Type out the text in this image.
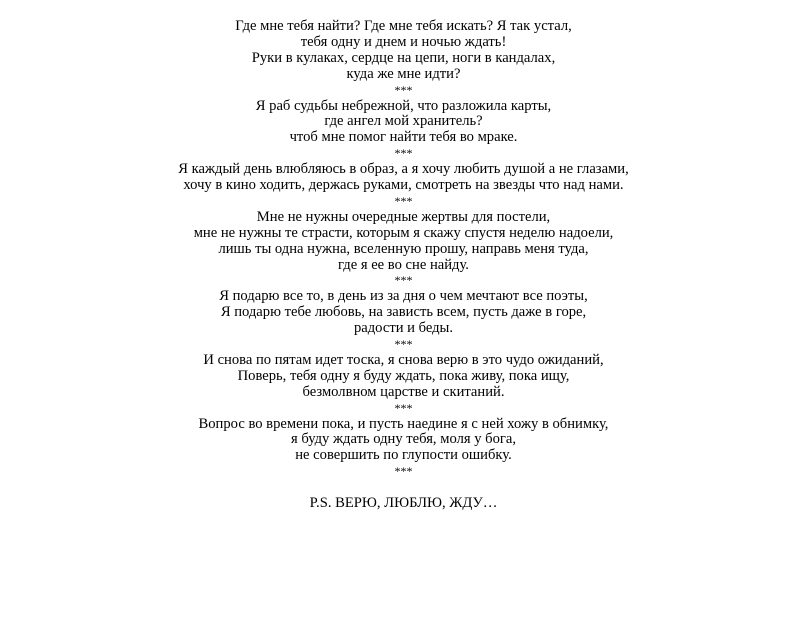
Где мне тебя найти? Где мне тебя искать? Я так устал,
тебя одну и днем и ночью ждать!
Руки в кулаках, сердце на цепи, ноги в кандалах,
куда же мне идти?
***
Я раб судьбы небрежной, что разложила карты,
где ангел мой хранитель?
чтоб мне помог найти тебя во мраке.
***
Я каждый день влюбляюсь в образ, а я хочу любить душой а не глазами,
хочу в кино ходить, держась руками, смотреть на звезды что над нами.
***
Мне не нужны очередные жертвы для постели,
мне не нужны те страсти, которым я скажу спустя неделю надоели,
лишь ты одна нужна, вселенную прошу, направь меня туда,
где я ее во сне найду.
***
Я подарю все то, в день из за дня о чем мечтают все поэты,
Я подарю тебе любовь, на зависть всем, пусть даже в горе,
радости и беды.
***
И снова по пятам идет тоска, я снова верю в это чудо ожиданий,
Поверь, тебя одну я буду ждать, пока живу, пока ищу,
безмолвном царстве и скитаний.
***
Вопрос во времени пока, и пусть наедине я с ней хожу в обнимку,
я буду ждать одну тебя, моля у бога,
не совершить по глупости ошибку.
***
P.S. ВЕРЮ, ЛЮБЛЮ, ЖДУ…
